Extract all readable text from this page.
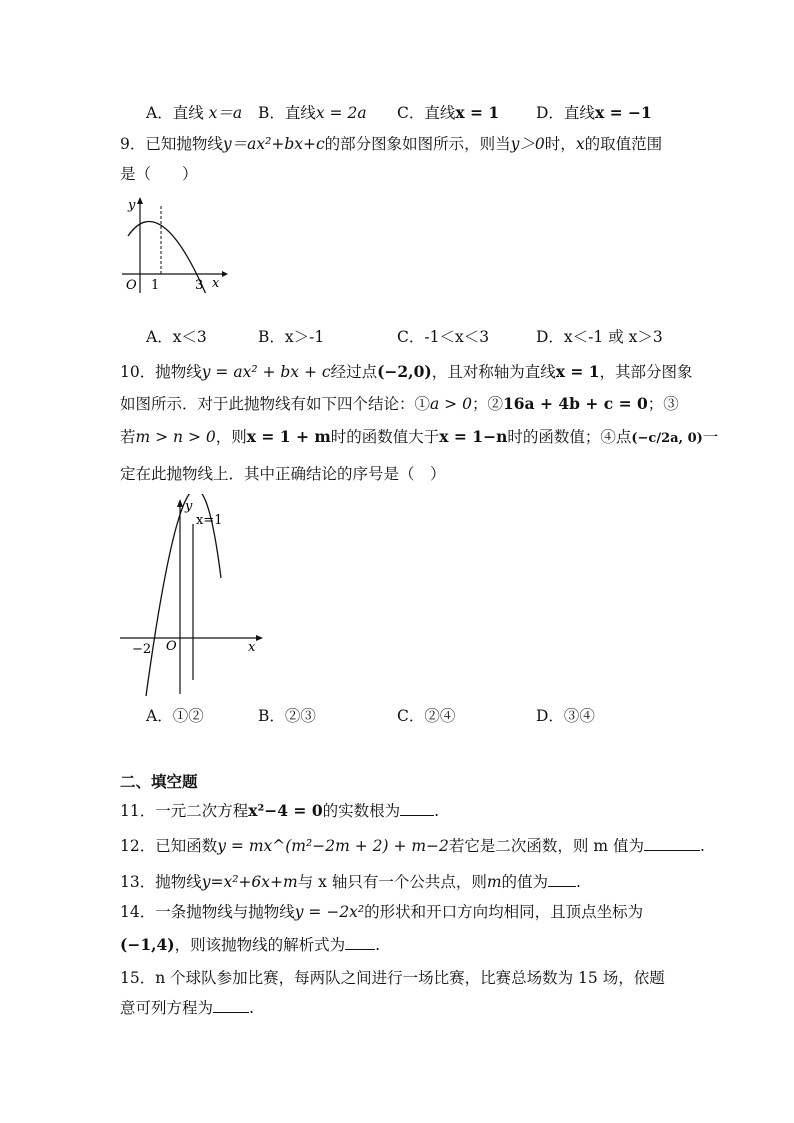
A．直线 x＝a B．直线x = 2a C．直线x = 1 D．直线x = −1
9．已知抛物线y＝ax²+bx+c的部分图象如图所示，则当y＞0时，x的取值范围
是（　　）
y
x
O 1	3
A．x＜3	B．x＞-1	C．-1＜x＜3	D．x＜-1 或 x＞3
10．抛物线y = ax² + bx + c经过点(−2,0)，且对称轴为直线x = 1，其部分图象
如图所示．对于此抛物线有如下四个结论：①a > 0；②16a + 4b + c = 0；③
若m > n > 0，则x = 1 + m时的函数值大于x = 1−n时的函数值；④点(−c/2a, 0)一
定在此抛物线上．其中正确结论的序号是（　）
y
x=1
x
O
−2
A．①②	B．②③	C．②④	D．③④
二、填空题
11．一元二次方程x²−4 = 0的实数根为 .
12．已知函数y = mx^(m²−2m + 2) + m−2若它是二次函数，则 m 值为	.
13．抛物线y=x²+6x+m与 x 轴只有一个公共点，则m的值为 .
14．一条抛物线与抛物线y = −2x²的形状和开口方向均相同，且顶点坐标为
(−1,4)，则该抛物线的解析式为 .
15．n 个球队参加比赛，每两队之间进行一场比赛，比赛总场数为 15 场，依题
意可列方程为 .
